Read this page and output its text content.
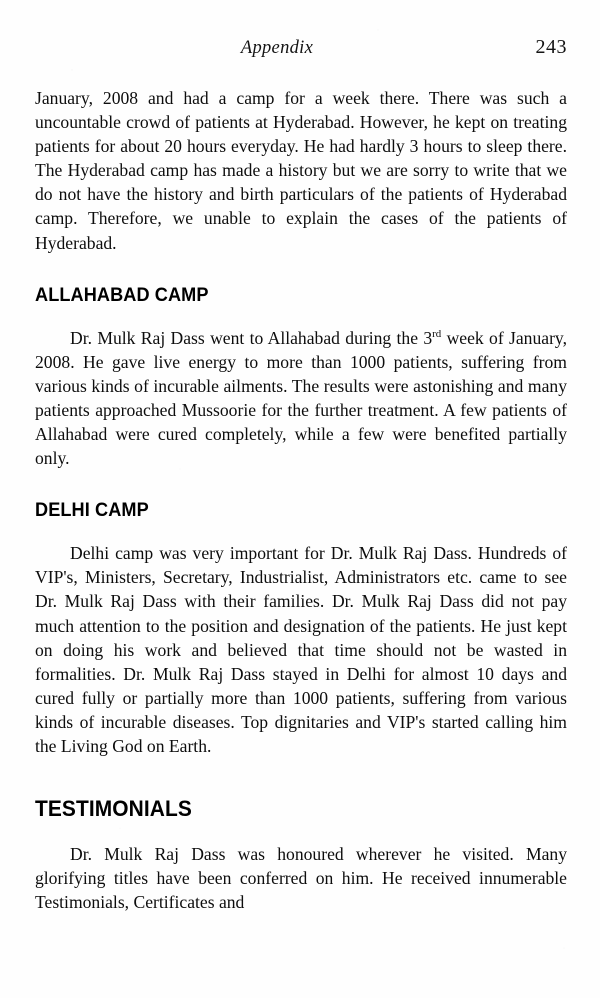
Appendix	243

January, 2008 and had a camp for a week there. There was such a uncountable crowd of patients at Hyderabad. However, he kept on treating patients for about 20 hours everyday. He had hardly 3 hours to sleep there. The Hyderabad camp has made a history but we are sorry to write that we do not have the history and birth particulars of the patients of Hyderabad camp. Therefore, we unable to explain the cases of the patients of Hyderabad.

ALLAHABAD CAMP

Dr. Mulk Raj Dass went to Allahabad during the 3rd week of January, 2008. He gave live energy to more than 1000 patients, suffering from various kinds of incurable ailments. The results were astonishing and many patients approached Mussoorie for the further treatment. A few patients of Allahabad were cured completely, while a few were benefited partially only.

DELHI CAMP

Delhi camp was very important for Dr. Mulk Raj Dass. Hundreds of VIP's, Ministers, Secretary, Industrialist, Administrators etc. came to see Dr. Mulk Raj Dass with their families. Dr. Mulk Raj Dass did not pay much attention to the position and designation of the patients. He just kept on doing his work and believed that time should not be wasted in formalities. Dr. Mulk Raj Dass stayed in Delhi for almost 10 days and cured fully or partially more than 1000 patients, suffering from various kinds of incurable diseases. Top dignitaries and VIP's started calling him the Living God on Earth.

TESTIMONIALS

Dr. Mulk Raj Dass was honoured wherever he visited. Many glorifying titles have been conferred on him. He received innumerable Testimonials, Certificates and
